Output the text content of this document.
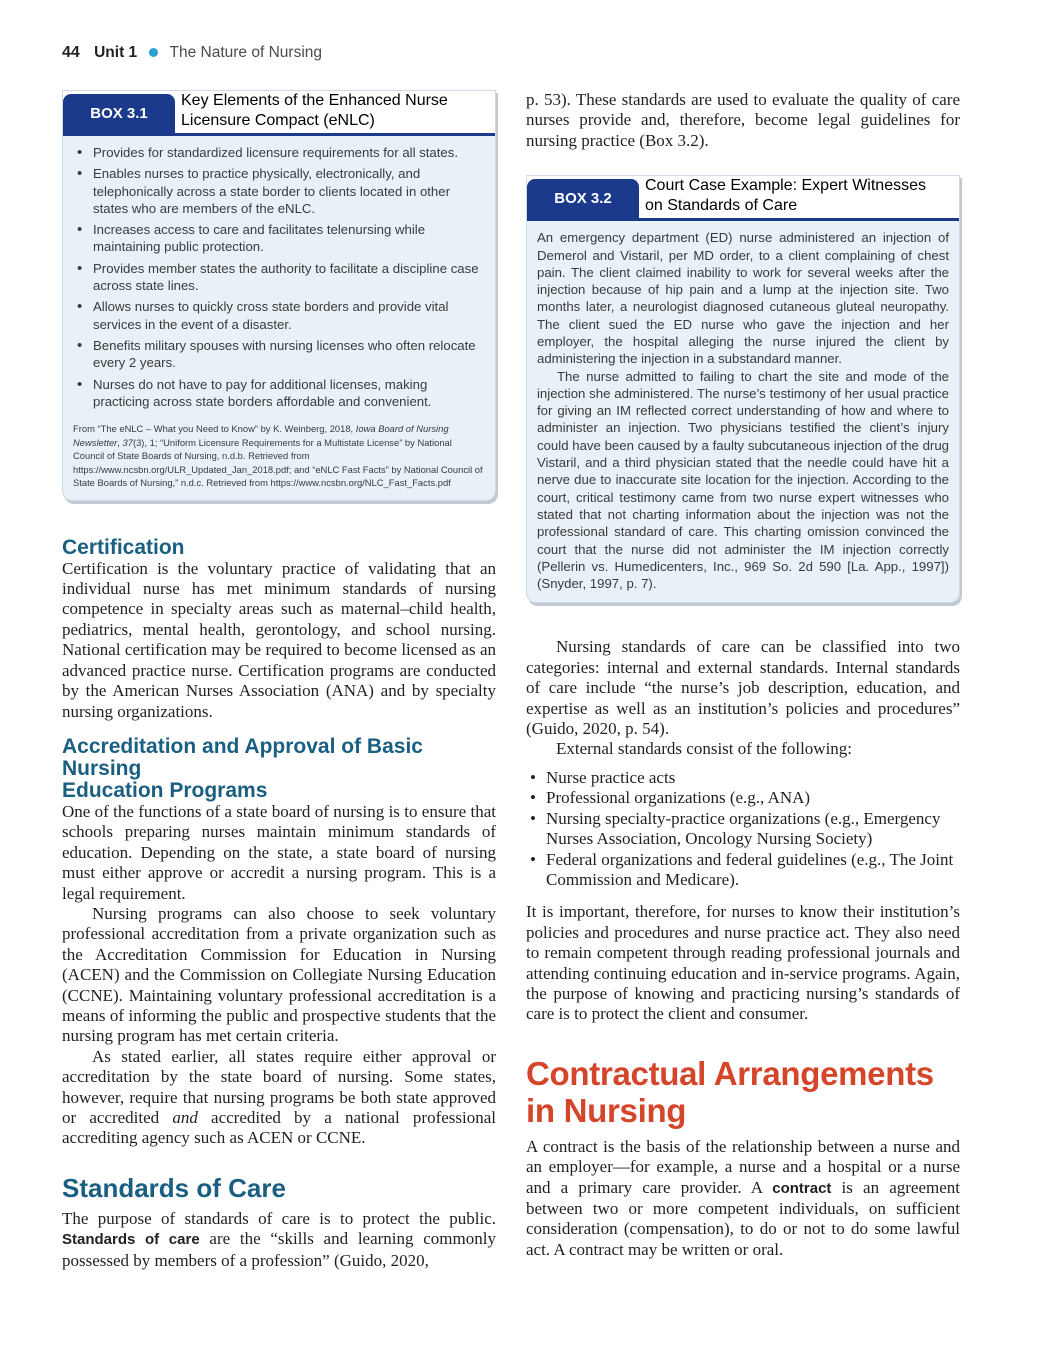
44 Unit 1 The Nature of Nursing
BOX 3.1
Key Elements of the Enhanced Nurse
Licensure Compact (eNLC)
• Provides for standardized licensure requirements for all states.
• Enables nurses to practice physically, electronically, and telephonically across a state border to clients located in other states who are members of the eNLC.
• Increases access to care and facilitates telenursing while maintaining public protection.
• Provides member states the authority to facilitate a discipline case across state lines.
• Allows nurses to quickly cross state borders and provide vital services in the event of a disaster.
• Benefits military spouses with nursing licenses who often relocate every 2 years.
• Nurses do not have to pay for additional licenses, making practicing across state borders affordable and convenient.

From “The eNLC – What you Need to Know” by K. Weinberg, 2018, Iowa Board of Nursing Newsletter, 37(3), 1; “Uniform Licensure Requirements for a Multistate License” by National Council of State Boards of Nursing, n.d.b. Retrieved from https://www.ncsbn.org/ULR_Updated_Jan_2018.pdf; and “eNLC Fast Facts” by National Council of State Boards of Nursing,” n.d.c. Retrieved from https://www.ncsbn.org/NLC_Fast_Facts.pdf

Certification

Certification is the voluntary practice of validating that an individual nurse has met minimum standards of nursing competence in specialty areas such as maternal–child health, pediatrics, mental health, gerontology, and school nursing. National certification may be required to become licensed as an advanced practice nurse. Certification programs are conducted by the American Nurses Association (ANA) and by specialty nursing organizations.

Accreditation and Approval of Basic Nursing
Education Programs

One of the functions of a state board of nursing is to ensure that schools preparing nurses maintain minimum standards of education. Depending on the state, a state board of nursing must either approve or accredit a nursing program. This is a legal requirement.

Nursing programs can also choose to seek voluntary professional accreditation from a private organization such as the Accreditation Commission for Education in Nursing (ACEN) and the Commission on Collegiate Nursing Education (CCNE). Maintaining voluntary professional accreditation is a means of informing the public and prospective students that the nursing program has met certain criteria.

As stated earlier, all states require either approval or accreditation by the state board of nursing. Some states, however, require that nursing programs be both state approved or accredited and accredited by a national professional accrediting agency such as ACEN or CCNE.

Standards of Care

The purpose of standards of care is to protect the public. Standards of care are the “skills and learning commonly possessed by members of a profession” (Guido, 2020,

p. 53). These standards are used to evaluate the quality of care nurses provide and, therefore, become legal guidelines for nursing practice (Box 3.2).

BOX 3.2
Court Case Example: Expert Witnesses
on Standards of Care

An emergency department (ED) nurse administered an injection of Demerol and Vistaril, per MD order, to a client complaining of chest pain. The client claimed inability to work for several weeks after the injection because of hip pain and a lump at the injection site. Two months later, a neurologist diagnosed cutaneous gluteal neuropathy. The client sued the ED nurse who gave the injection and her employer, the hospital alleging the nurse injured the client by administering the injection in a substandard manner.

The nurse admitted to failing to chart the site and mode of the injection she administered. The nurse’s testimony of her usual practice for giving an IM reflected correct understanding of how and where to administer an injection. Two physicians testified the client’s injury could have been caused by a faulty subcutaneous injection of the drug Vistaril, and a third physician stated that the needle could have hit a nerve due to inaccurate site location for the injection. According to the court, critical testimony came from two nurse expert witnesses who stated that not charting information about the injection was not the professional standard of care. This charting omission convinced the court that the nurse did not administer the IM injection correctly (Pellerin vs. Humedicenters, Inc., 969 So. 2d 590 [La. App., 1997]) (Snyder, 1997, p. 7).

Nursing standards of care can be classified into two categories: internal and external standards. Internal standards of care include “the nurse’s job description, education, and expertise as well as an institution’s policies and procedures” (Guido, 2020, p. 54).

External standards consist of the following:

• Nurse practice acts
• Professional organizations (e.g., ANA)
• Nursing specialty-practice organizations (e.g., Emergency Nurses Association, Oncology Nursing Society)
• Federal organizations and federal guidelines (e.g., The Joint Commission and Medicare).

It is important, therefore, for nurses to know their institution’s policies and procedures and nurse practice act. They also need to remain competent through reading professional journals and attending continuing education and in-service programs. Again, the purpose of knowing and practicing nursing’s standards of care is to protect the client and consumer.

Contractual Arrangements
in Nursing

A contract is the basis of the relationship between a nurse and an employer—for example, a nurse and a hospital or a nurse and a primary care provider. A contract is an agreement between two or more competent individuals, on sufficient consideration (compensation), to do or not to do some lawful act. A contract may be written or oral.
